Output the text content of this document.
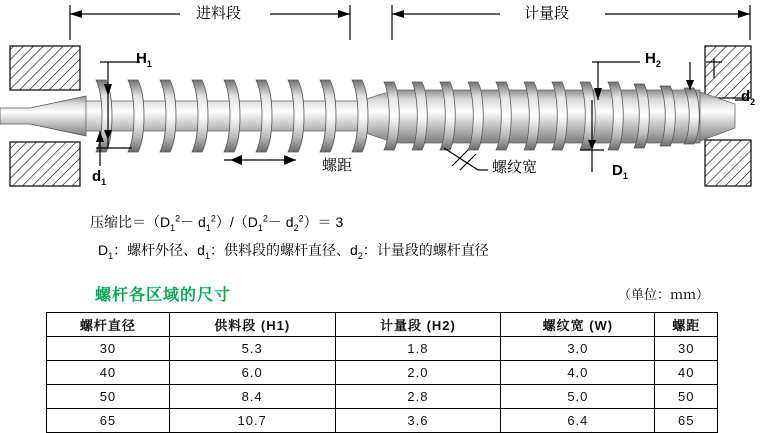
进料段	计量段
$H_1$	$H_2$
$d_1$
$d_2$
$D_1$
螺距	螺纹宽
压缩比$=(D_1^2- d_1^2)/(D_1^2- d_2^2)= 3$
$D_1$：螺杆外径、$d_1$：供料段的螺杆直径、$d_2$：计量段的螺杆直径
螺杆各区域的尺寸	（单位：ｍｍ）
螺杆直径	供料段 (H1)	计量段 (H2)	螺纹宽 (W)	螺距
30	5.3	1.8	3.0	30
40	6.0	2.0	4.0	40
50	8.4	2.8	5.0	50
65	10.7	3.6	6.4	65
